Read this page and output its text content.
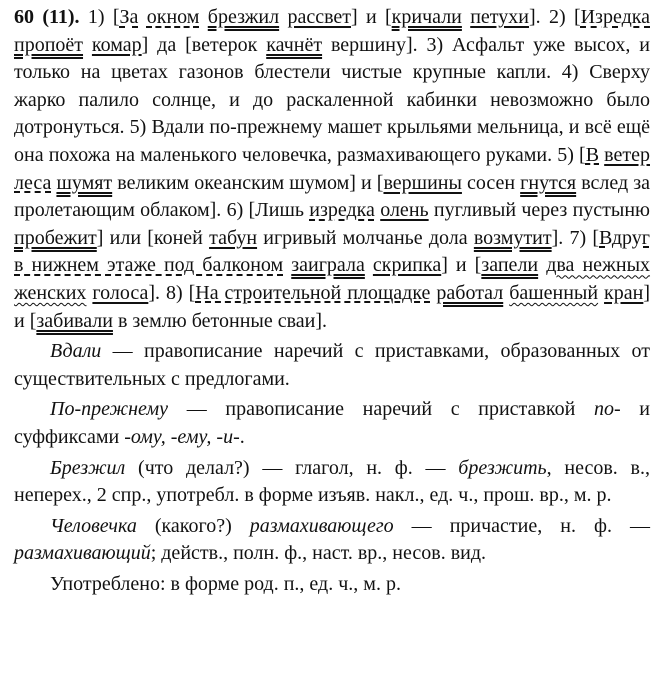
60 (11). 1) [За окном брезжил рассвет] и [кричали петухи]. 2) [Изредка пропоёт комар] да [ветерок качнёт вершину]. 3) Асфальт уже высох, и только на цветах газонов блестели чистые крупные капли. 4) Сверху жарко палило солнце, и до раскаленной кабинки невозможно было дотронуться. 5) Вдали по-прежнему машет крыльями мельница, и всё ещё она похожа на маленького человечка, размахивающего руками. 5) [В ветер леса шумят великим океанским шумом] и [вершины сосен гнутся вслед за пролетающим облаком]. 6) [Лишь изредка олень пугливый через пустыню пробежит] или [коней табун игривый молчанье дола возмутит]. 7) [Вдруг в нижнем этаже под балконом заиграла скрипка] и [запели два нежных женских голоса]. 8) [На строительной площадке работал башенный кран] и [забивали в землю бетонные сваи].

Вдали — правописание наречий с приставками, образованных от существительных с предлогами.

По-прежнему — правописание наречий с приставкой по- и суффиксами -ому, -ему, -и-.

Брезжил (что делал?) — глагол, н. ф. — брезжить, несов. в., неперех., 2 спр., употребл. в форме изъяв. накл., ед. ч., прош. вр., м. р.

Человечка (какого?) размахивающего — причастие, н. ф. — размахивающий; действ., полн. ф., наст. вр., несов. вид.

Употреблено: в форме род. п., ед. ч., м. р.
